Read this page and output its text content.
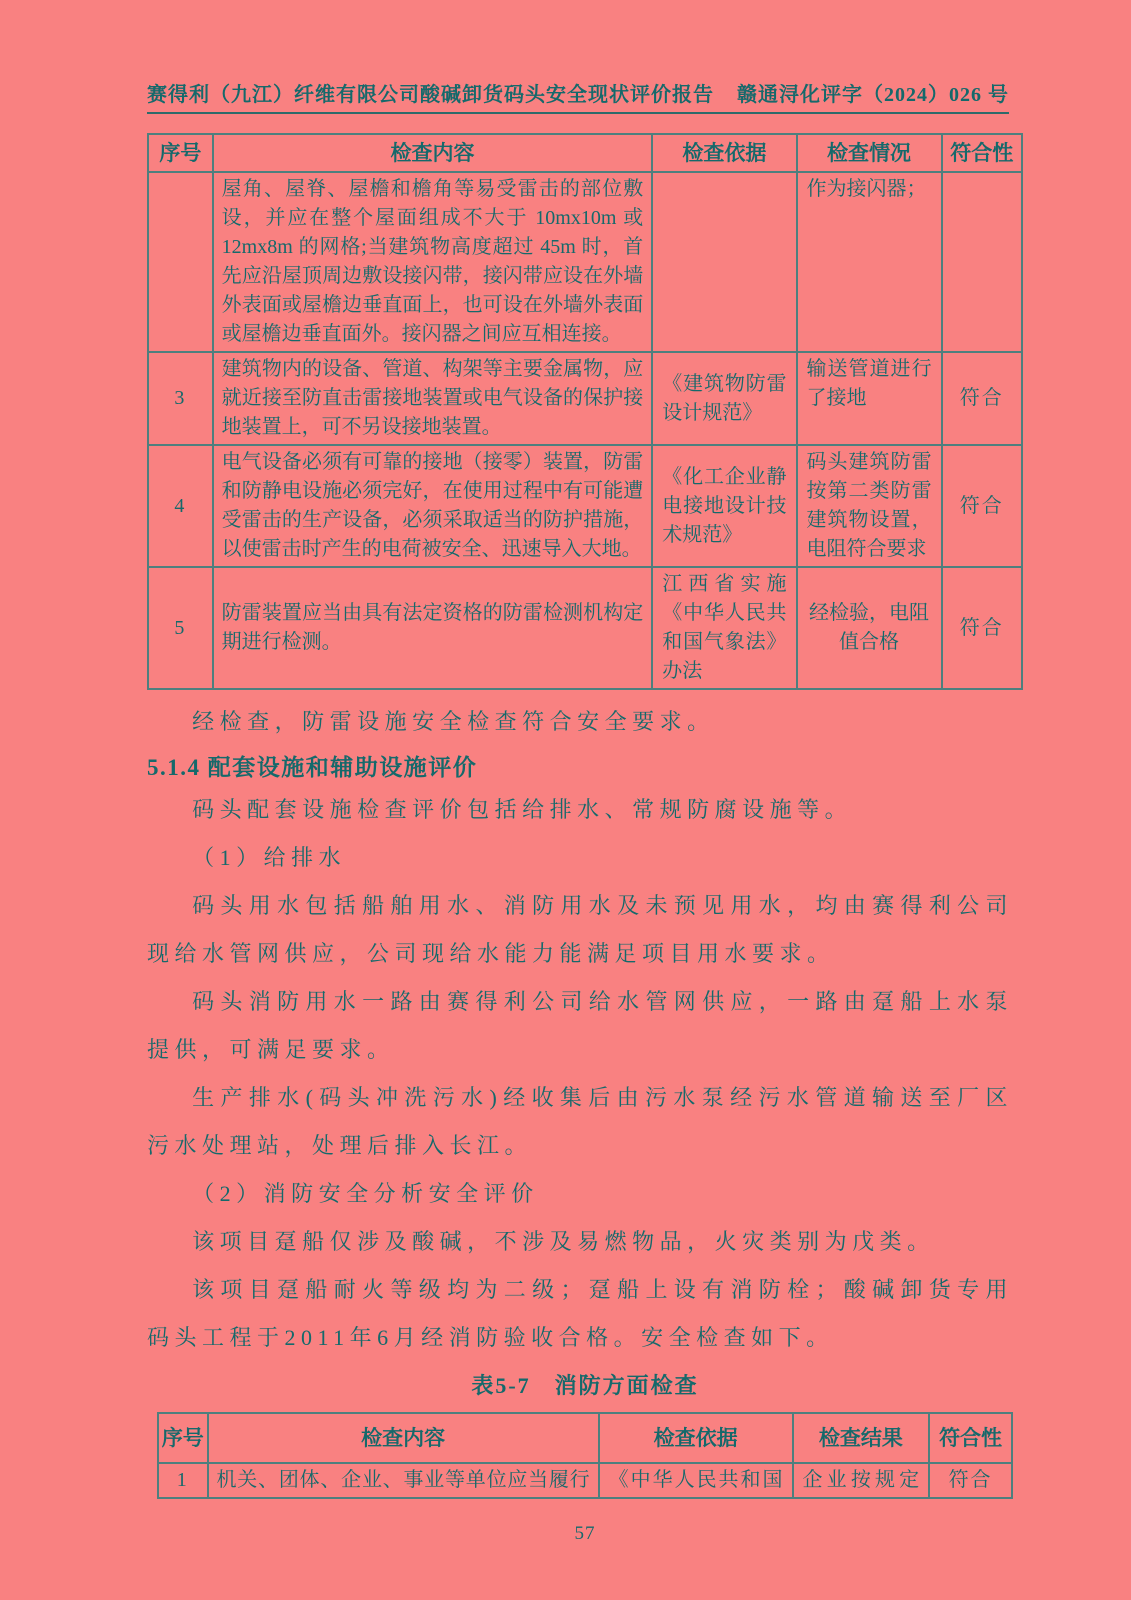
赛得利（九江）纤维有限公司酸碱卸货码头安全现状评价报告 赣通浔化评字（2024）026 号
序号	检查内容	检查依据	检查情况	符合性
	屋角、屋脊、屋檐和檐角等易受雷击的部位敷设，并应在整个屋面组成不大于 10mx10m 或 12mx8m 的网格;当建筑物高度超过 45m 时，首先应沿屋顶周边敷设接闪带，接闪带应设在外墙外表面或屋檐边垂直面上，也可设在外墙外表面或屋檐边垂直面外。接闪器之间应互相连接。		作为接闪器；	
3	建筑物内的设备、管道、构架等主要金属物，应就近接至防直击雷接地装置或电气设备的保护接地装置上，可不另设接地装置。	《建筑物防雷设计规范》	输送管道进行了接地	符合
4	电气设备必须有可靠的接地（接零）装置，防雷和防静电设施必须完好，在使用过程中有可能遭受雷击的生产设备，必须采取适当的防护措施，以使雷击时产生的电荷被安全、迅速导入大地。	《化工企业静电接地设计技术规范》	码头建筑防雷按第二类防雷建筑物设置，电阻符合要求	符合
5	防雷装置应当由具有法定资格的防雷检测机构定期进行检测。	江西省实施《中华人民共和国气象法》办法	经检验，电阻值合格	符合

经检查，防雷设施安全检查符合安全要求。

5.1.4 配套设施和辅助设施评价

码头配套设施检查评价包括给排水、常规防腐设施等。

（1）给排水

码头用水包括船舶用水、消防用水及未预见用水，均由赛得利公司现给水管网供应，公司现给水能力能满足项目用水要求。

码头消防用水一路由赛得利公司给水管网供应，一路由趸船上水泵提供，可满足要求。

生产排水(码头冲洗污水)经收集后由污水泵经污水管道输送至厂区污水处理站，处理后排入长江。

（2）消防安全分析安全评价

该项目趸船仅涉及酸碱，不涉及易燃物品，火灾类别为戊类。

该项目趸船耐火等级均为二级；趸船上设有消防栓；酸碱卸货专用码头工程于2011年6月经消防验收合格。安全检查如下。

表5-7　消防方面检查
序号	检查内容	检查依据	检查结果	符合性
1	机关、团体、企业、事业等单位应当履行	《中华人民共和国	企业按规定	符合
57
